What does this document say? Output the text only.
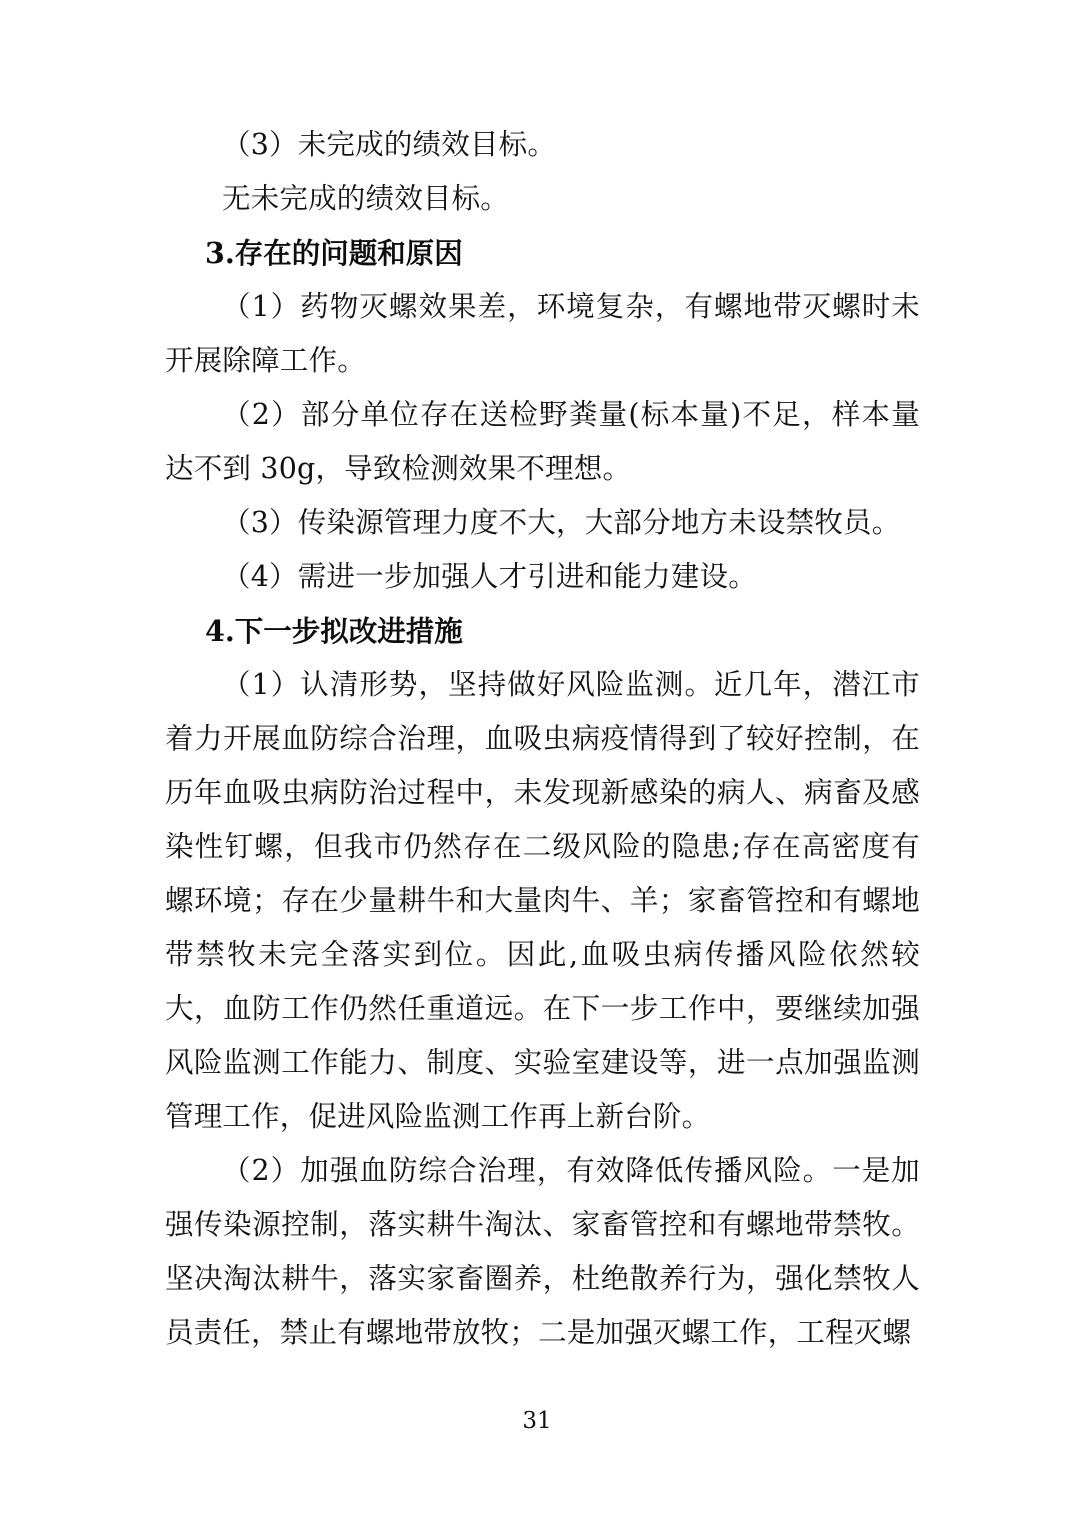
（3）未完成的绩效目标。

无未完成的绩效目标。

3.存在的问题和原因

（1）药物灭螺效果差，环境复杂，有螺地带灭螺时未开展除障工作。

（2）部分单位存在送检野粪量(标本量)不足，样本量达不到 30g，导致检测效果不理想。

（3）传染源管理力度不大，大部分地方未设禁牧员。

（4）需进一步加强人才引进和能力建设。

4.下一步拟改进措施

（1）认清形势，坚持做好风险监测。近几年，潜江市着力开展血防综合治理，血吸虫病疫情得到了较好控制，在历年血吸虫病防治过程中，未发现新感染的病人、病畜及感染性钉螺，但我市仍然存在二级风险的隐患;存在高密度有螺环境；存在少量耕牛和大量肉牛、羊；家畜管控和有螺地带禁牧未完全落实到位。因此,血吸虫病传播风险依然较大，血防工作仍然任重道远。在下一步工作中，要继续加强风险监测工作能力、制度、实验室建设等，进一点加强监测管理工作，促进风险监测工作再上新台阶。

（2）加强血防综合治理，有效降低传播风险。一是加强传染源控制，落实耕牛淘汰、家畜管控和有螺地带禁牧。坚决淘汰耕牛，落实家畜圈养，杜绝散养行为，强化禁牧人员责任，禁止有螺地带放牧；二是加强灭螺工作，工程灭螺

31
